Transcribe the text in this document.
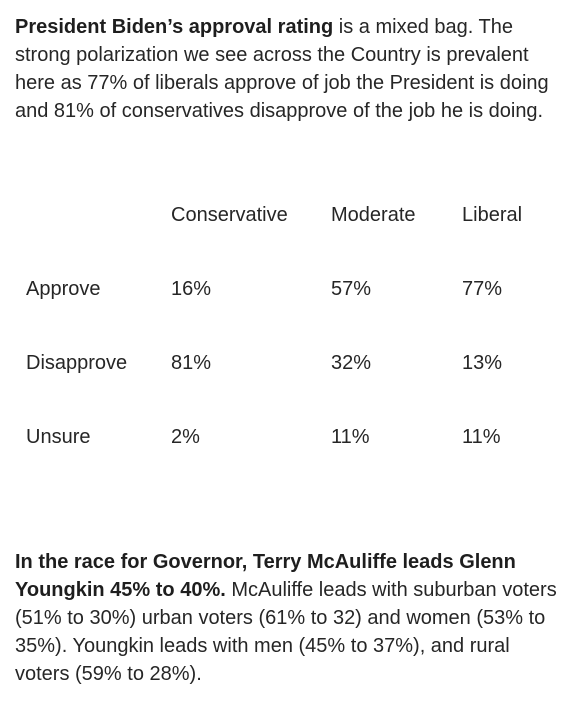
President Biden’s approval rating is a mixed bag. The strong polarization we see across the Country is prevalent here as 77% of liberals approve of job the President is doing and 81% of conservatives disapprove of the job he is doing.

Conservative Moderate Liberal
Approve	16%	57%	77%
Disapprove 81%	32%	13%
Unsure	2%	11%	11%

In the race for Governor, Terry McAuliffe leads Glenn Youngkin 45% to 40%. McAuliffe leads with suburban voters (51% to 30%) urban voters (61% to 32) and women (53% to 35%). Youngkin leads with men (45% to 37%), and rural voters (59% to 28%).
